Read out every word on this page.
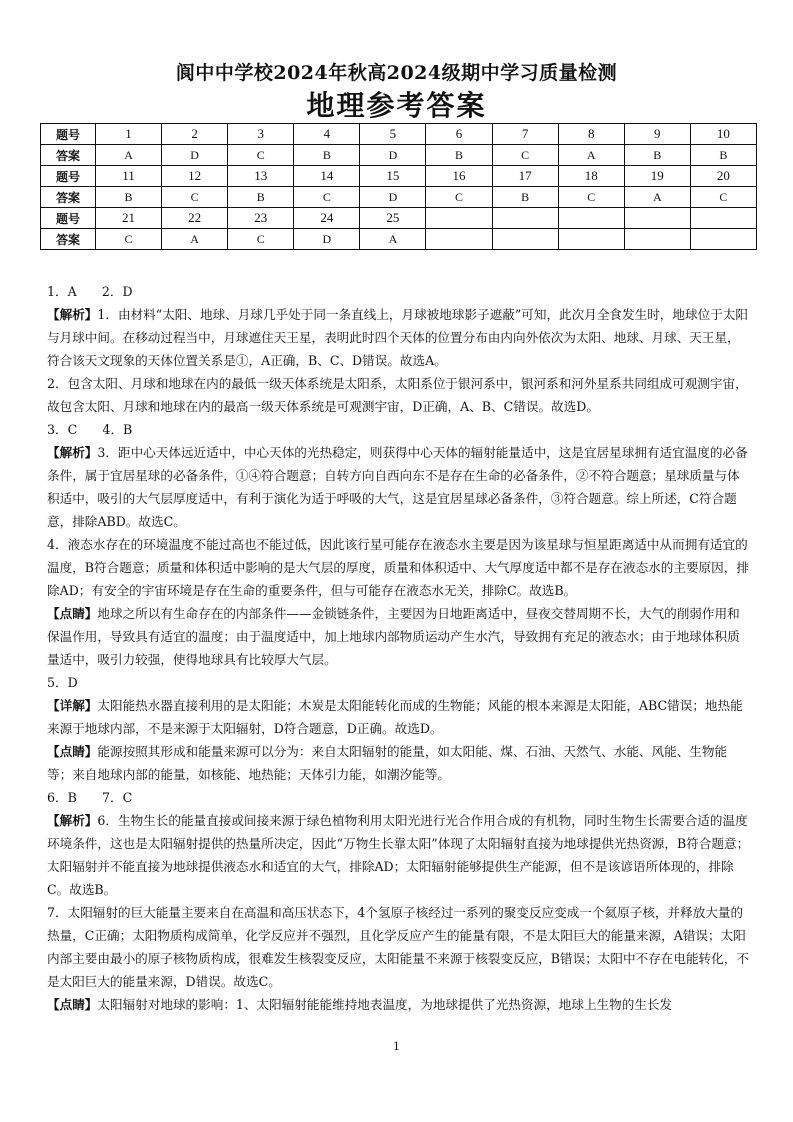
阆中中学校2024年秋高2024级期中学习质量检测
地理参考答案
题号	1	2	3	4	5	6	7	8	9	10
答案	A	D	C	B	D	B	C	A	B	B
题号	11	12	13	14	15	16	17	18	19	20
答案	B	C	B	C	D	C	B	C	A	C
题号	21	22	23	24	25					
答案	C	A	C	D	A					

1．A　 2．D

【解析】1．由材料“太阳、地球、月球几乎处于同一条直线上，月球被地球影子遮蔽”可知，此次月全食发生时，地球位于太阳与月球中间。在移动过程当中，月球遮住天王星，表明此时四个天体的位置分布由内向外依次为太阳、地球、月球、天王星，符合该天文现象的天体位置关系是①，A正确，B、C、D错误。故选A。

2．包含太阳、月球和地球在内的最低一级天体系统是太阳系，太阳系位于银河系中，银河系和河外星系共同组成可观测宇宙，故包含太阳、月球和地球在内的最高一级天体系统是可观测宇宙，D正确，A、B、C错误。故选D。

3．C　 4．B

【解析】3．距中心天体远近适中，中心天体的光热稳定，则获得中心天体的辐射能量适中，这是宜居星球拥有适宜温度的必备条件，属于宜居星球的必备条件，①④符合题意；自转方向自西向东不是存在生命的必备条件，②不符合题意；星球质量与体积适中，吸引的大气层厚度适中，有利于演化为适于呼吸的大气，这是宜居星球必备条件，③符合题意。综上所述，C符合题意，排除ABD。故选C。

4．液态水存在的环境温度不能过高也不能过低，因此该行星可能存在液态水主要是因为该星球与恒星距离适中从而拥有适宜的温度，B符合题意；质量和体积适中影响的是大气层的厚度，质量和体积适中、大气厚度适中都不是存在液态水的主要原因，排除AD；有安全的宇宙环境是存在生命的重要条件，但与可能存在液态水无关，排除C。故选B。

【点睛】地球之所以有生命存在的内部条件——金锁链条件，主要因为日地距离适中，昼夜交替周期不长，大气的削弱作用和保温作用，导致具有适宜的温度；由于温度适中，加上地球内部物质运动产生水汽，导致拥有充足的液态水；由于地球体积质量适中，吸引力较强，使得地球具有比较厚大气层。

5．D

【详解】太阳能热水器直接利用的是太阳能；木炭是太阳能转化而成的生物能；风能的根本来源是太阳能，ABC错误；地热能来源于地球内部，不是来源于太阳辐射，D符合题意，D正确。故选D。

【点睛】能源按照其形成和能量来源可以分为：来自太阳辐射的能量，如太阳能、煤、石油、天然气、水能、风能、生物能等；来自地球内部的能量，如核能、地热能；天体引力能，如潮汐能等。

6．B　 7．C

【解析】6．生物生长的能量直接或间接来源于绿色植物利用太阳光进行光合作用合成的有机物，同时生物生长需要合适的温度环境条件，这也是太阳辐射提供的热量所决定，因此“万物生长靠太阳”体现了太阳辐射直接为地球提供光热资源，B符合题意；太阳辐射并不能直接为地球提供液态水和适宜的大气，排除AD；太阳辐射能够提供生产能源，但不是该谚语所体现的，排除C。故选B。

7．太阳辐射的巨大能量主要来自在高温和高压状态下，4个氢原子核经过一系列的聚变反应变成一个氦原子核，并释放大量的热量，C正确；太阳物质构成简单，化学反应并不强烈，且化学反应产生的能量有限，不是太阳巨大的能量来源，A错误；太阳内部主要由最小的原子核物质构成，很难发生核裂变反应，太阳能量不来源于核裂变反应，B错误；太阳中不存在电能转化，不是太阳巨大的能量来源，D错误。故选C。

【点睛】太阳辐射对地球的影响：1、太阳辐射能能维持地表温度，为地球提供了光热资源，地球上生物的生长发

1
